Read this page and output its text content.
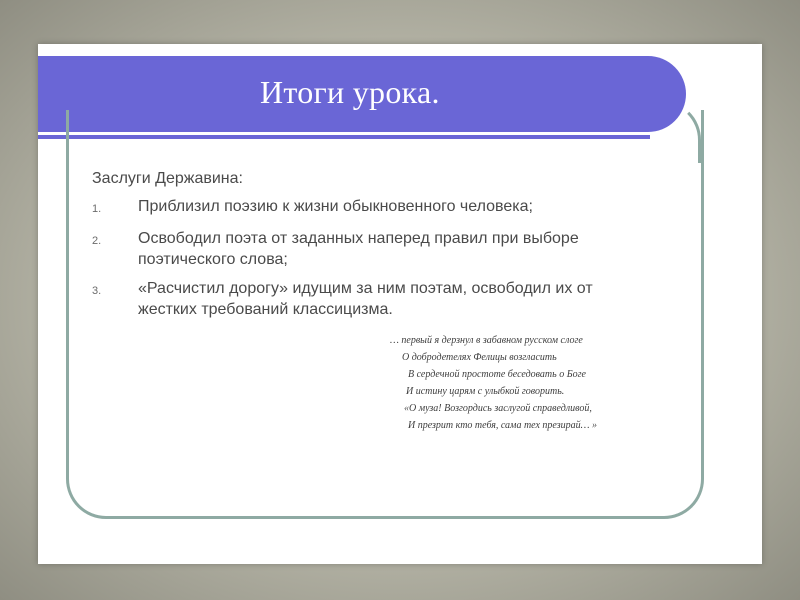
Итоги урока.
Заслуги Державина:
1.	Приблизил поэзию к жизни обыкновенного человека;
2.	Освободил поэта от заданных наперед правил при выборе поэтического слова;
3.	«Расчистил дорогу» идущим за ним поэтам, освободил их от жестких требований классицизма.
… первый я дерзнул в забавном русском слоге
О добродетелях Фелицы возгласить
В сердечной простоте беседовать о Боге
И истину царям с улыбкой говорить.
«О муза! Возгордись заслугой справедливой,
И презрит кто тебя, сама тех презирай… »
